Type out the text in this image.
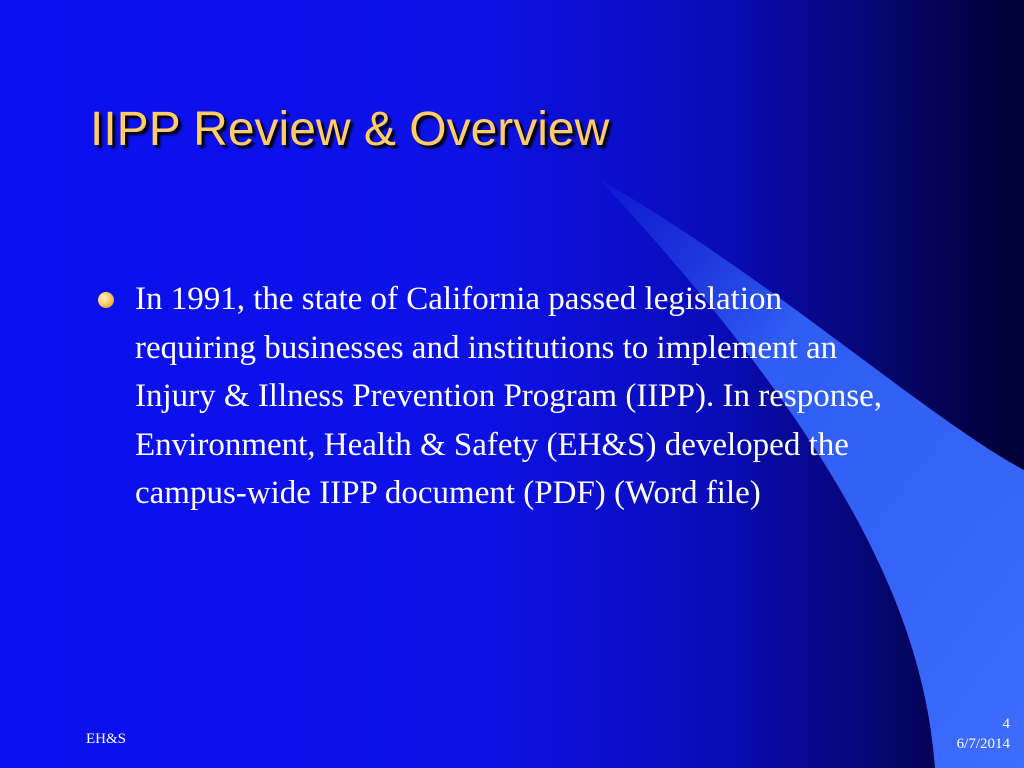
IIPP Review & Overview
In 1991, the state of California passed legislation requiring businesses and institutions to implement an Injury & Illness Prevention Program (IIPP). In response, Environment, Health & Safety (EH&S) developed the campus-wide IIPP document (PDF) (Word file)
EH&S
4
6/7/2014
